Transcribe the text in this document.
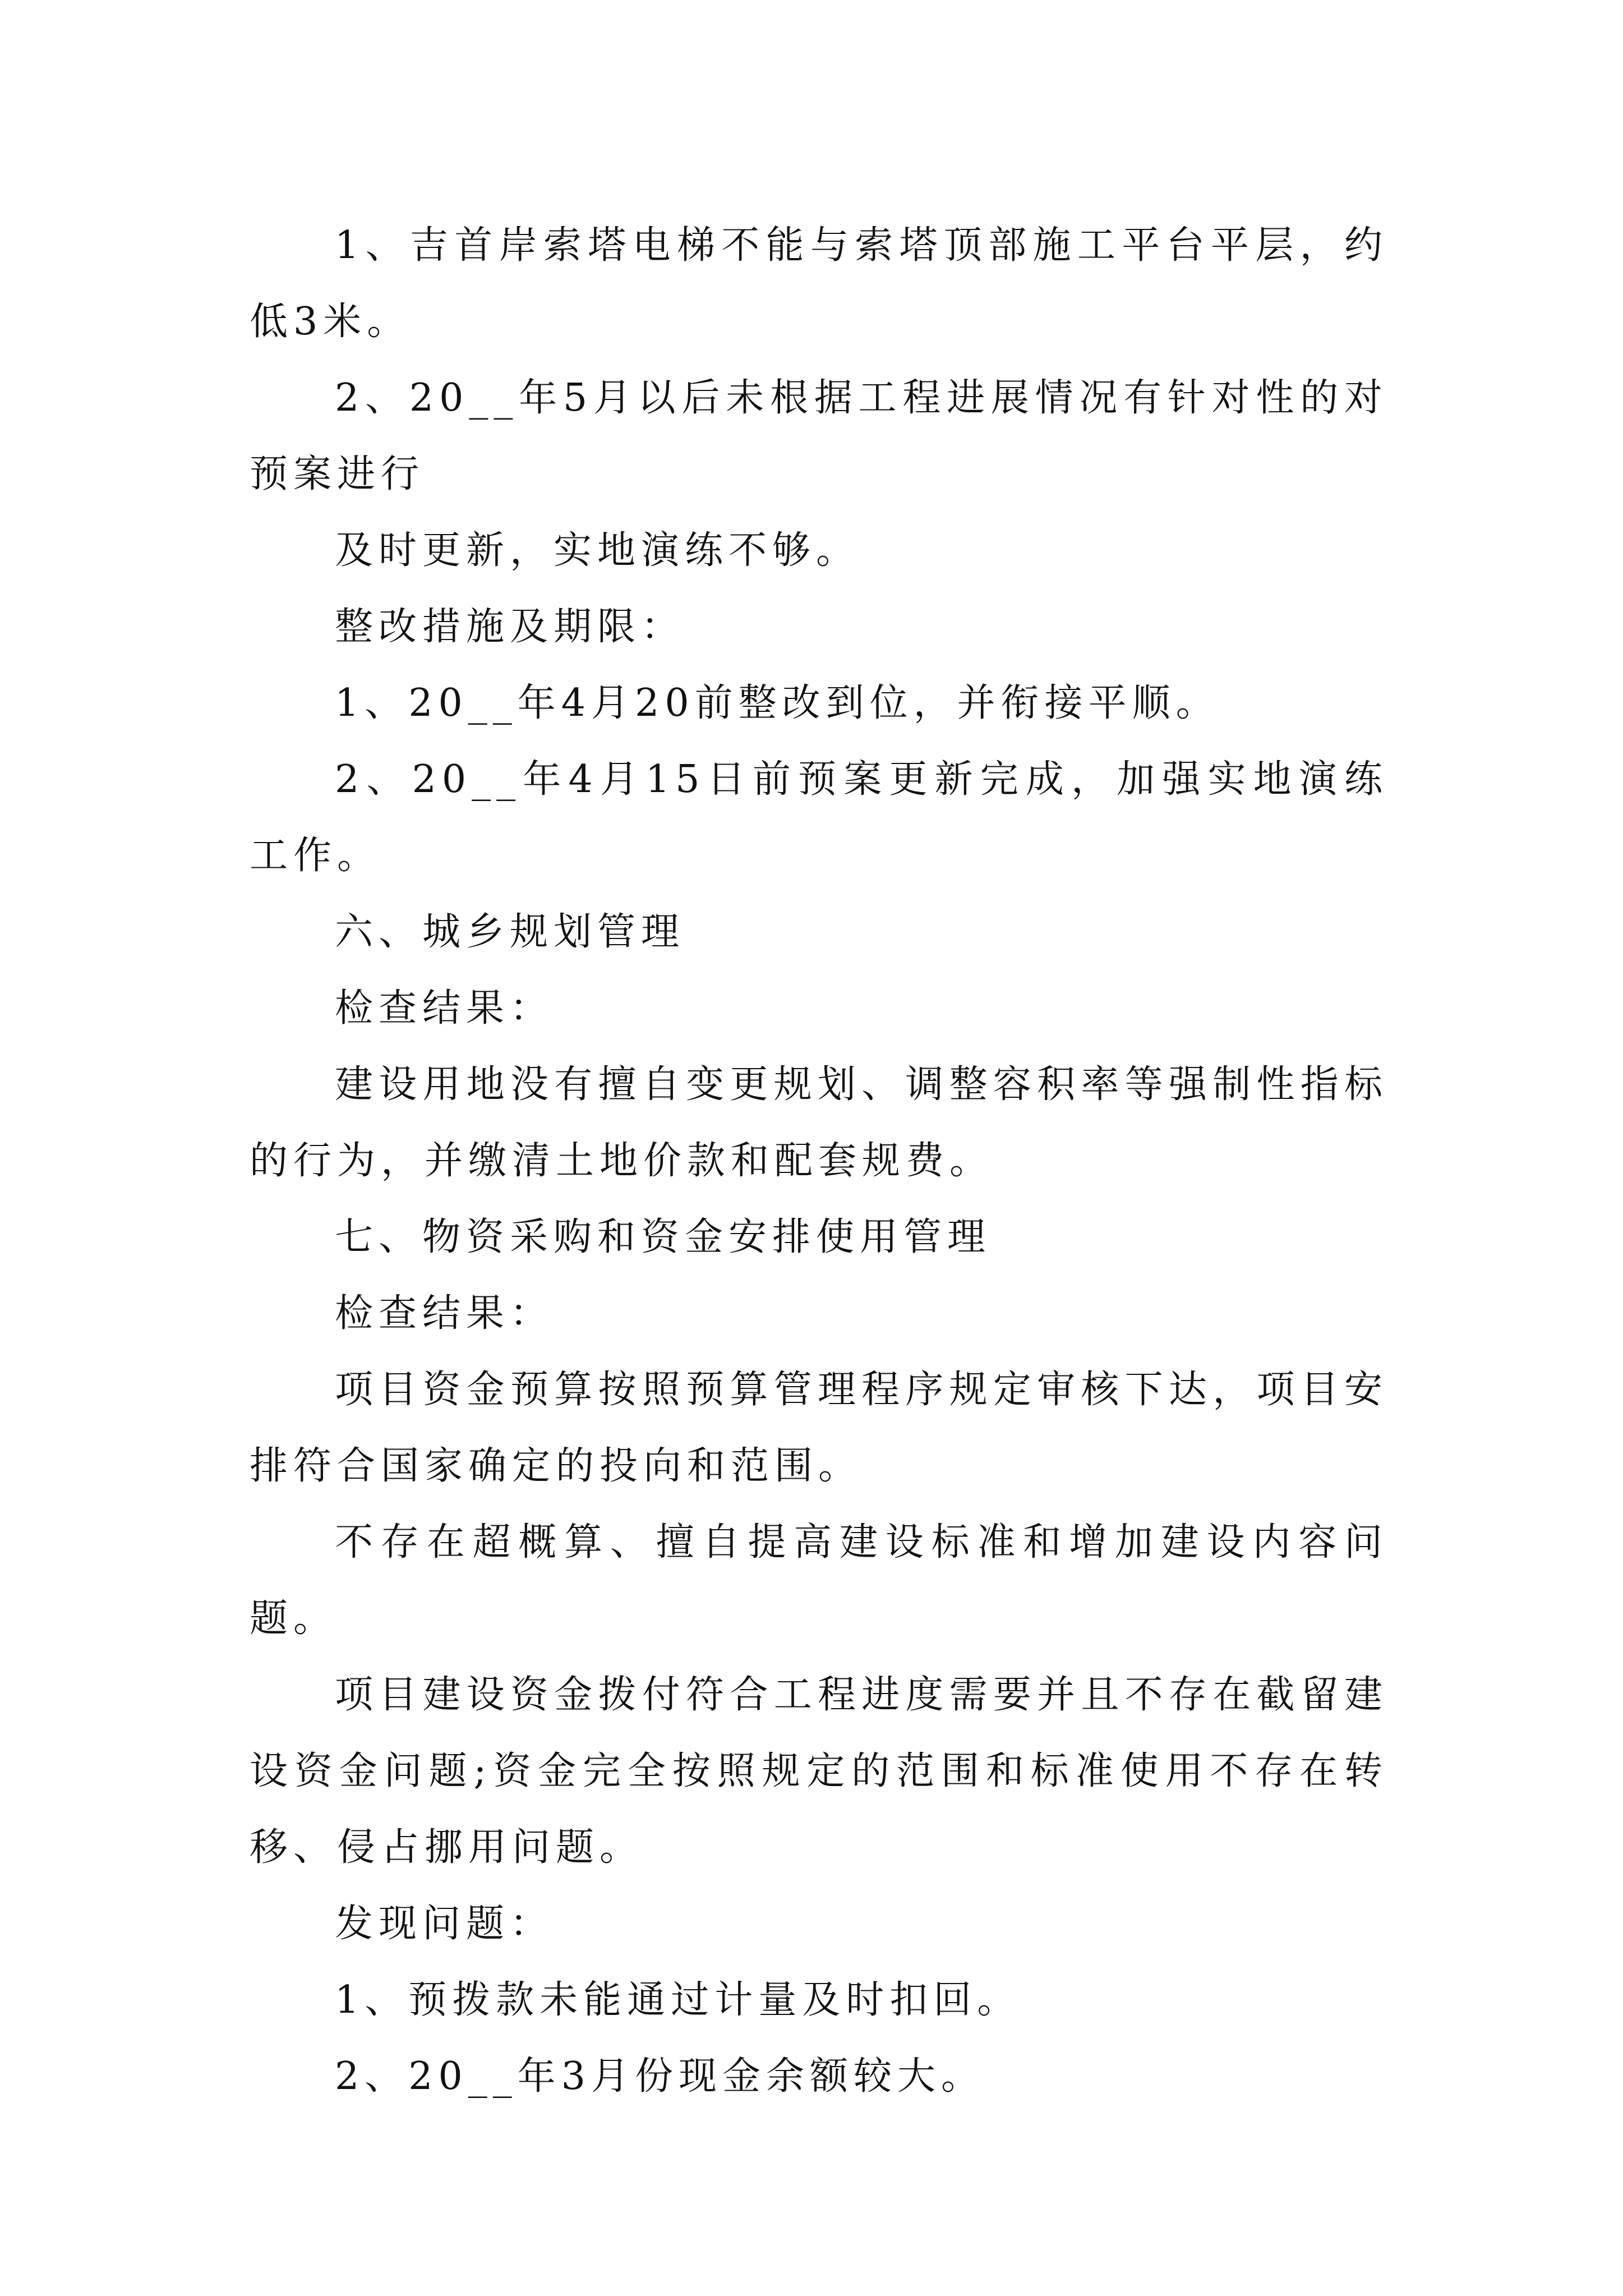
1、吉首岸索塔电梯不能与索塔顶部施工平台平层，约低3米。

2、20__年5月以后未根据工程进展情况有针对性的对预案进行

及时更新，实地演练不够。

整改措施及期限：

1、20__年4月20前整改到位，并衔接平顺。

2、20__年4月15日前预案更新完成，加强实地演练工作。

六、城乡规划管理

检查结果：

建设用地没有擅自变更规划、调整容积率等强制性指标的行为，并缴清土地价款和配套规费。

七、物资采购和资金安排使用管理

检查结果：

项目资金预算按照预算管理程序规定审核下达，项目安排符合国家确定的投向和范围。

不存在超概算、擅自提高建设标准和增加建设内容问题。

项目建设资金拨付符合工程进度需要并且不存在截留建设资金问题;资金完全按照规定的范围和标准使用不存在转移、侵占挪用问题。

发现问题：

1、预拨款未能通过计量及时扣回。

2、20__年3月份现金余额较大。
